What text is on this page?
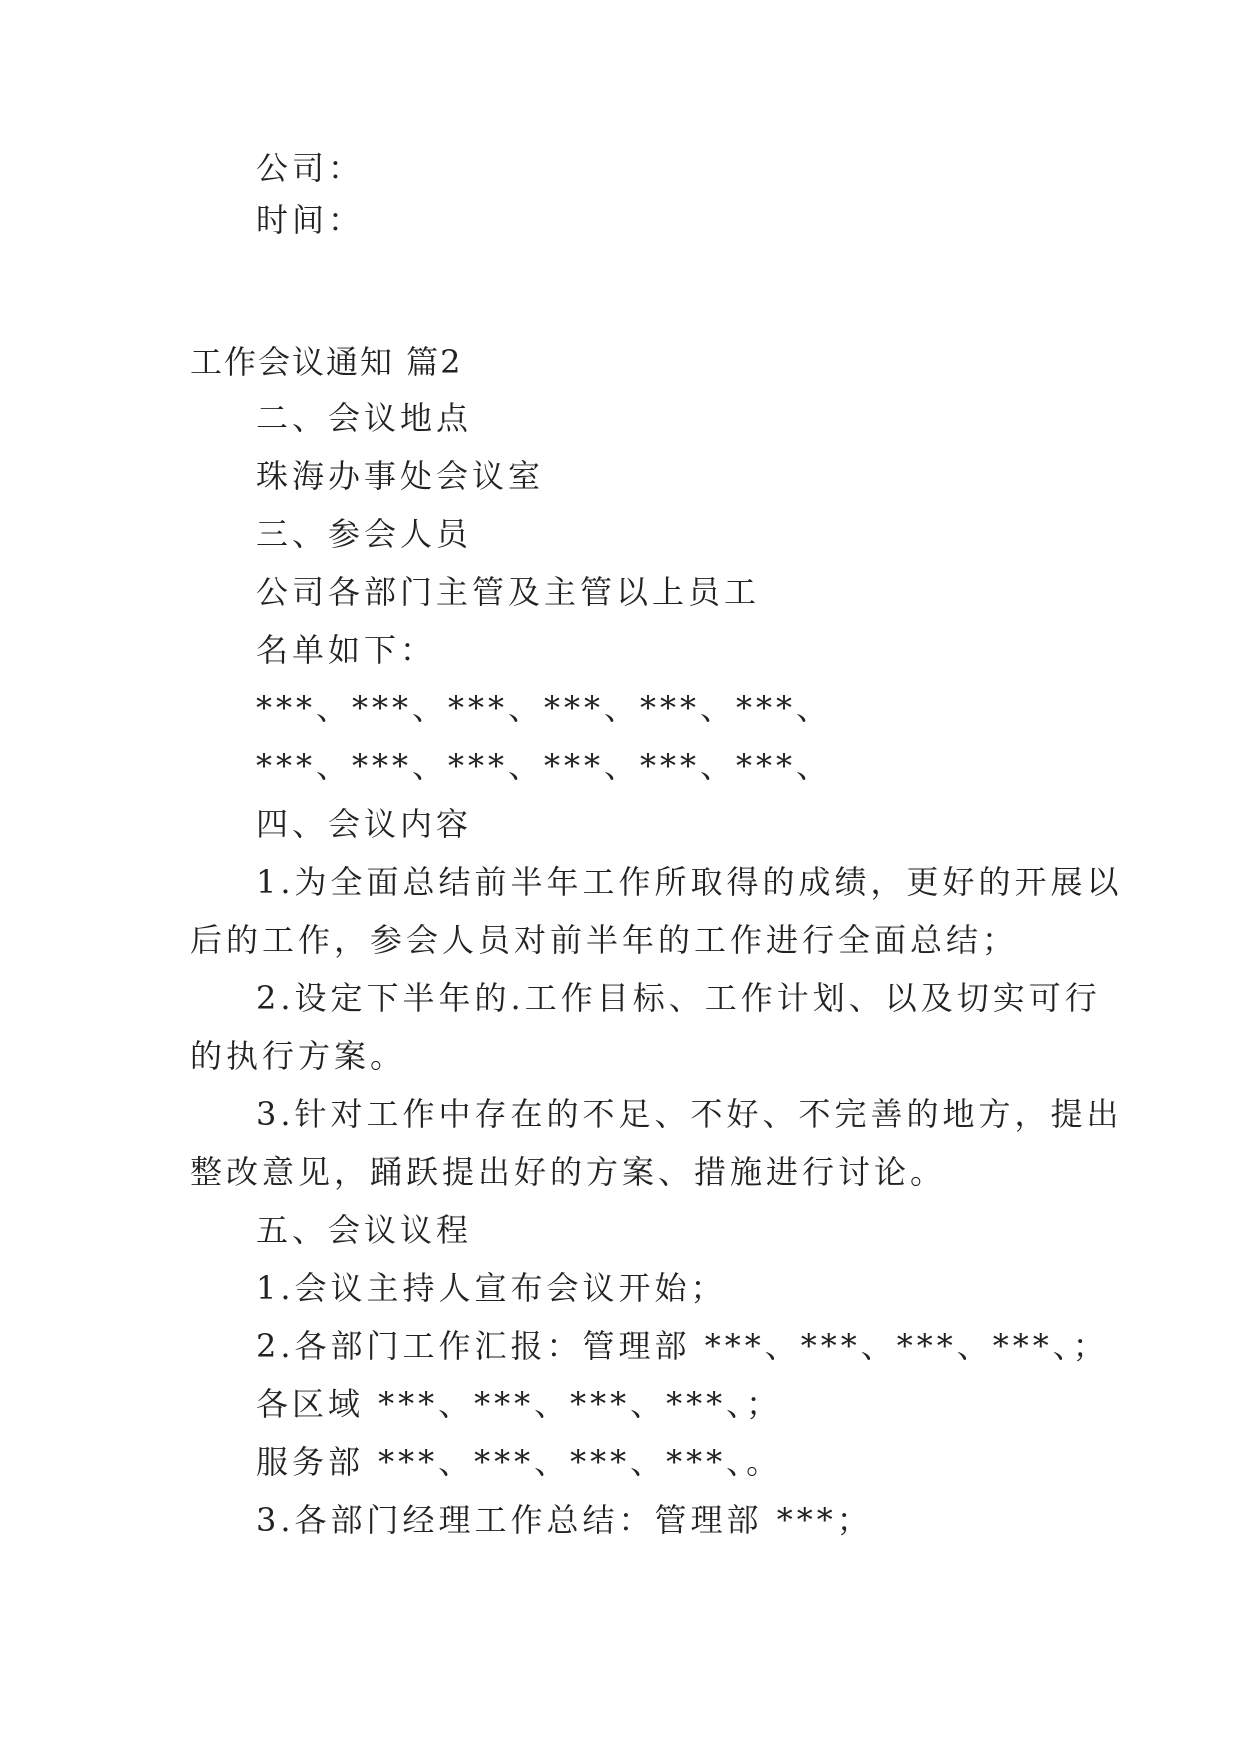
公司：
时间：
工作会议通知 篇2
二、会议地点
珠海办事处会议室
三、参会人员
公司各部门主管及主管以上员工
名单如下：
***、***、***、***、***、***、
***、***、***、***、***、***、
四、会议内容
1.为全面总结前半年工作所取得的成绩，更好的开展以
后的工作，参会人员对前半年的工作进行全面总结；
2.设定下半年的.工作目标、工作计划、以及切实可行
的执行方案。
3.针对工作中存在的不足、不好、不完善的地方，提出
整改意见，踊跃提出好的方案、措施进行讨论。
五、会议议程
1.会议主持人宣布会议开始；
2.各部门工作汇报：管理部 ***、***、***、***、；
各区域 ***、***、***、***、；
服务部 ***、***、***、***、。
3.各部门经理工作总结：管理部 ***；
